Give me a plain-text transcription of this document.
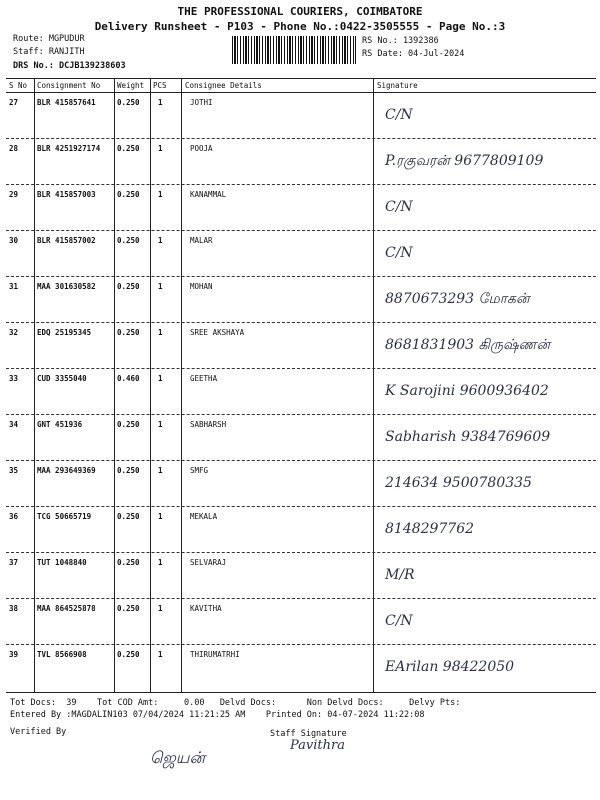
THE PROFESSIONAL COURIERS, COIMBATORE
Delivery Runsheet - P103 - Phone No.:0422-3505555 - Page No.:3
Route: MGPUDUR
Staff: RANJITH
DRS No.: DCJB139238603
RS No.: 1392386
RS Date: 04-Jul-2024
S No Consignment No Weight PCS Consignee Details	Signature
27	BLR 415857641	0.250 1	JOTHI
C/N
28	BLR 4251927174 0.250 1	POOJA
P.ரகுவரன் 9677809109
29	BLR 415857003	0.250 1	KANAMMAL
C/N
30	BLR 415857002	0.250 1	MALAR
C/N
31	MAA 301630582	0.250 1	MOHAN
8870673293 மோகன்
32	EDQ 25195345	0.250 1	SREE AKSHAYA
8681831903 கிருஷ்ணன்
33	CUD 3355040	0.460 1	GEETHA
K Sarojini 9600936402
34	GNT 451936	0.250 1	SABHARSH
Sabharish 9384769609
35	MAA 293649369	0.250 1	SMFG
214634 9500780335
36	TCG 50665719	0.250 1	MEKALA
8148297762
37	TUT 1048840	0.250 1	SELVARAJ
M/R
38	MAA 864525878	0.250 1	KAVITHA
C/N
39	TVL 8566908	0.250 1	THIRUMATRHI
EArilan 98422050
Tot Docs:  39    Tot COD Amt:     0.00   Delvd Docs:      Non Delvd Docs:     Delvy Pts:
Entered By :MAGDALIN103 07/04/2024 11:21:25 AM    Printed On: 04-07-2024 11:22:08
Verified By	Staff Signature
ஜெயன்
Pavithra
